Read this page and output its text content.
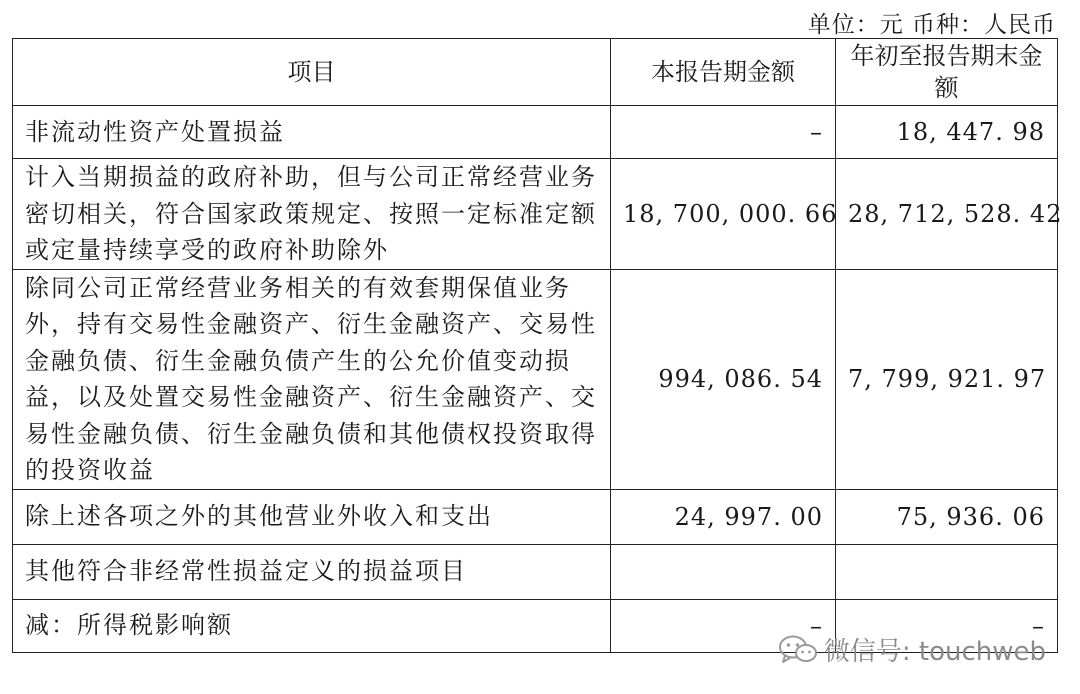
单位：元 币种：人民币
项目	本报告期金额	年初至报告期末金额
非流动性资产处置损益	–	18, 447. 98
计入当期损益的政府补助，但与公司正常经营业务密切相关，符合国家政策规定、按照一定标准定额或定量持续享受的政府补助除外	18, 700, 000. 66	28, 712, 528. 42
除同公司正常经营业务相关的有效套期保值业务外，持有交易性金融资产、衍生金融资产、交易性金融负债、衍生金融负债产生的公允价值变动损益，以及处置交易性金融资产、衍生金融资产、交易性金融负债、衍生金融负债和其他债权投资取得的投资收益	994, 086. 54	7, 799, 921. 97
除上述各项之外的其他营业外收入和支出	24, 997. 00	75, 936. 06
其他符合非经常性损益定义的损益项目		
减：所得税影响额	–	–
微信号: touchweb
